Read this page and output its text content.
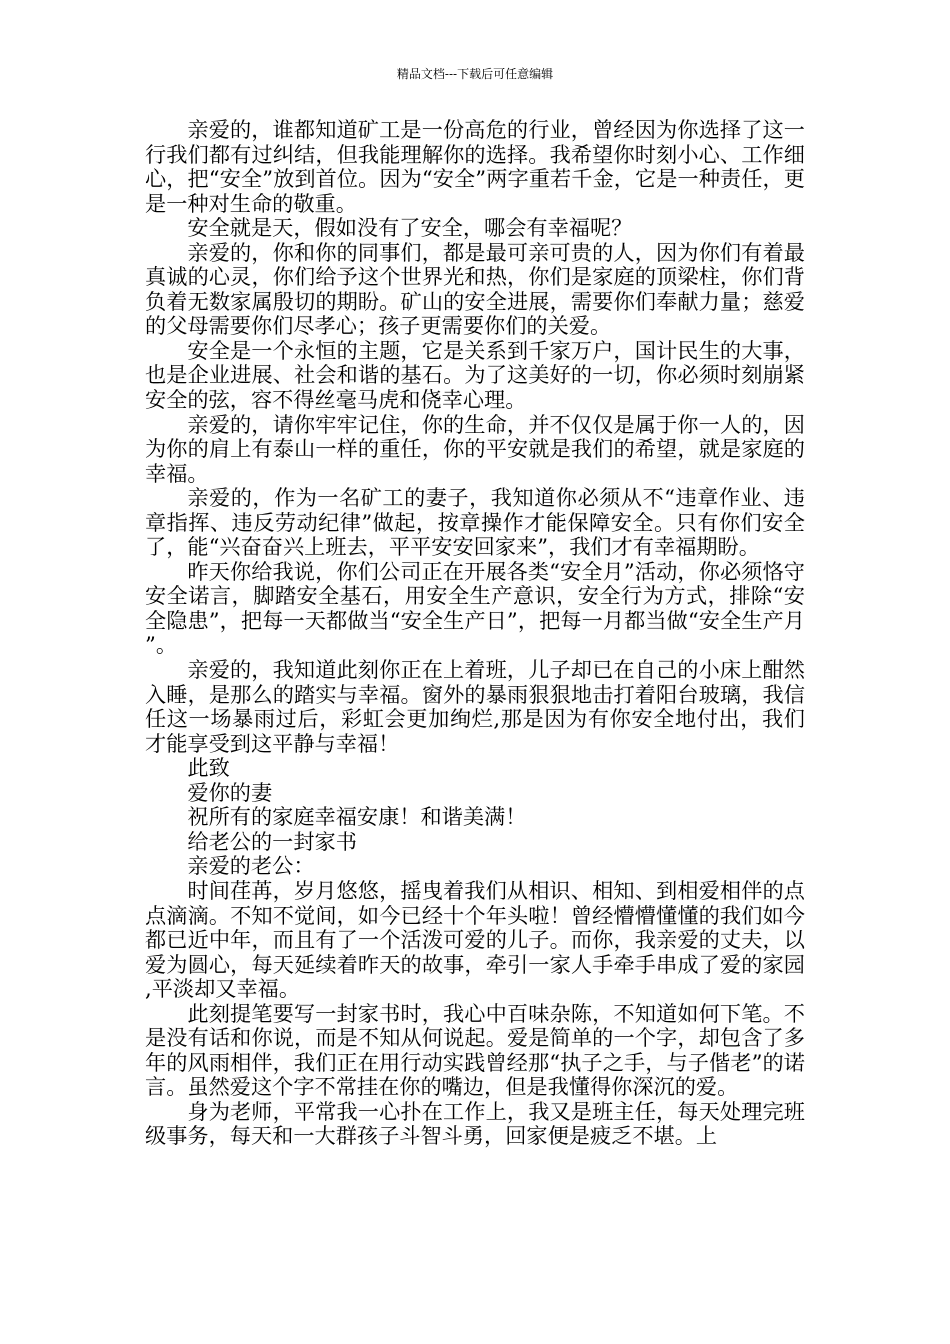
精品文档---下载后可任意编辑

亲爱的，谁都知道矿工是一份高危的行业，曾经因为你选择了这一行我们都有过纠结，但我能理解你的选择。我希望你时刻小心、工作细心，把“安全”放到首位。因为“安全”两字重若千金，它是一种责任，更是一种对生命的敬重。

安全就是天，假如没有了安全，哪会有幸福呢？

亲爱的，你和你的同事们，都是最可亲可贵的人，因为你们有着最真诚的心灵，你们给予这个世界光和热，你们是家庭的顶梁柱，你们背负着无数家属殷切的期盼。矿山的安全进展，需要你们奉献力量；慈爱的父母需要你们尽孝心；孩子更需要你们的关爱。

安全是一个永恒的主题，它是关系到千家万户，国计民生的大事，也是企业进展、社会和谐的基石。为了这美好的一切，你必须时刻崩紧安全的弦，容不得丝毫马虎和侥幸心理。

亲爱的，请你牢牢记住，你的生命，并不仅仅是属于你一人的，因为你的肩上有泰山一样的重任，你的平安就是我们的希望，就是家庭的幸福。

亲爱的，作为一名矿工的妻子，我知道你必须从不“违章作业、违章指挥、违反劳动纪律”做起，按章操作才能保障安全。只有你们安全了，能“兴奋奋兴上班去，平平安安回家来”，我们才有幸福期盼。

昨天你给我说，你们公司正在开展各类“安全月”活动，你必须恪守安全诺言，脚踏安全基石，用安全生产意识，安全行为方式，排除“安全隐患”，把每一天都做当“安全生产日”，把每一月都当做“安全生产月”。

亲爱的，我知道此刻你正在上着班，儿子却已在自己的小床上酣然入睡，是那么的踏实与幸福。窗外的暴雨狠狠地击打着阳台玻璃，我信任这一场暴雨过后，彩虹会更加绚烂,那是因为有你安全地付出，我们才能享受到这平静与幸福！

此致

爱你的妻

祝所有的家庭幸福安康！和谐美满！

给老公的一封家书

亲爱的老公：

时间荏苒，岁月悠悠，摇曳着我们从相识、相知、到相爱相伴的点点滴滴。不知不觉间，如今已经十个年头啦！曾经懵懵懂懂的我们如今都已近中年，而且有了一个活泼可爱的儿子。而你，我亲爱的丈夫，以爱为圆心，每天延续着昨天的故事，牵引一家人手牵手串成了爱的家园,平淡却又幸福。

此刻提笔要写一封家书时，我心中百味杂陈，不知道如何下笔。不是没有话和你说，而是不知从何说起。爱是简单的一个字，却包含了多年的风雨相伴，我们正在用行动实践曾经那“执子之手，与子偕老”的诺言。虽然爱这个字不常挂在你的嘴边，但是我懂得你深沉的爱。

身为老师，平常我一心扑在工作上，我又是班主任，每天处理完班级事务，每天和一大群孩子斗智斗勇，回家便是疲乏不堪。上
